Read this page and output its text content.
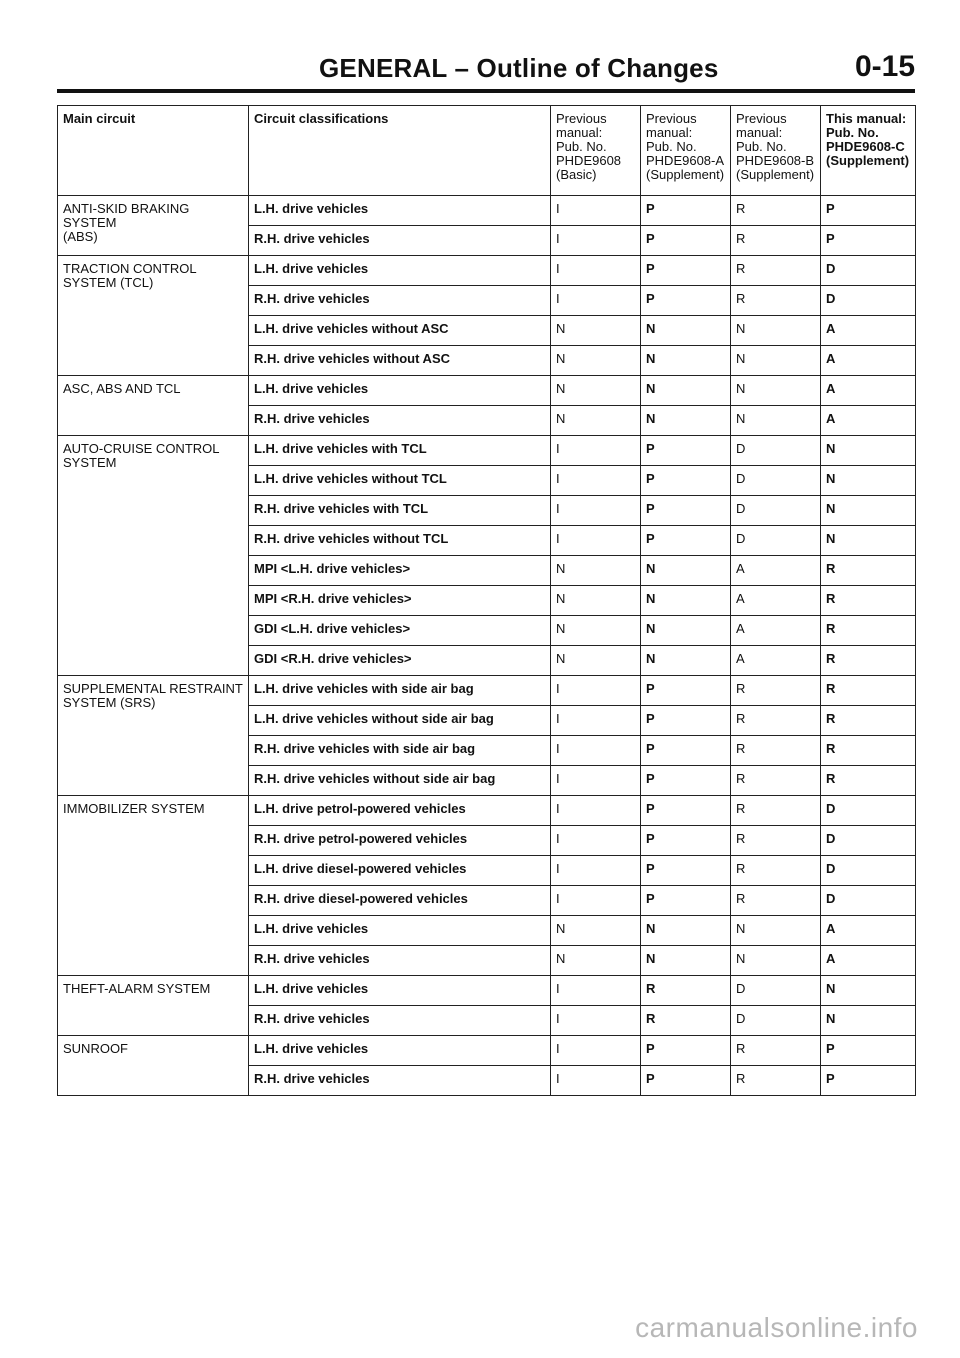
GENERAL – Outline of Changes	0-15
Main circuit	Circuit classifications	Previous
manual:
Pub. No.
PHDE9608
(Basic)	Previous
manual:
Pub. No.
PHDE9608-A
(Supplement)	Previous
manual:
Pub. No.
PHDE9608-B
(Supplement)	This manual:
Pub. No.
PHDE9608-C
(Supplement)
ANTI-SKID BRAKING SYSTEM
(ABS)	L.H. drive vehicles	I	P	R	P
	R.H. drive vehicles	I	P	R	P
TRACTION CONTROL
SYSTEM (TCL)	L.H. drive vehicles	I	P	R	D
	R.H. drive vehicles	I	P	R	D
	L.H. drive vehicles without ASC	N	N	N	A
	R.H. drive vehicles without ASC	N	N	N	A
ASC, ABS AND TCL	L.H. drive vehicles	N	N	N	A
	R.H. drive vehicles	N	N	N	A
AUTO-CRUISE CONTROL
SYSTEM	L.H. drive vehicles with TCL	I	P	D	N
	L.H. drive vehicles without TCL	I	P	D	N
	R.H. drive vehicles with TCL	I	P	D	N
	R.H. drive vehicles without TCL	I	P	D	N
	MPI <L.H. drive vehicles>	N	N	A	R
	MPI <R.H. drive vehicles>	N	N	A	R
	GDI <L.H. drive vehicles>	N	N	A	R
	GDI <R.H. drive vehicles>	N	N	A	R
SUPPLEMENTAL RESTRAINT
SYSTEM (SRS)	L.H. drive vehicles with side air bag	I	P	R	R
	L.H. drive vehicles without side air bag	I	P	R	R
	R.H. drive vehicles with side air bag	I	P	R	R
	R.H. drive vehicles without side air bag	I	P	R	R
IMMOBILIZER SYSTEM	L.H. drive petrol-powered vehicles	I	P	R	D
	R.H. drive petrol-powered vehicles	I	P	R	D
	L.H. drive diesel-powered vehicles	I	P	R	D
	R.H. drive diesel-powered vehicles	I	P	R	D
	L.H. drive vehicles	N	N	N	A
	R.H. drive vehicles	N	N	N	A
THEFT-ALARM SYSTEM	L.H. drive vehicles	I	R	D	N
	R.H. drive vehicles	I	R	D	N
SUNROOF	L.H. drive vehicles	I	P	R	P
	R.H. drive vehicles	I	P	R	P
carmanualsonline.info
